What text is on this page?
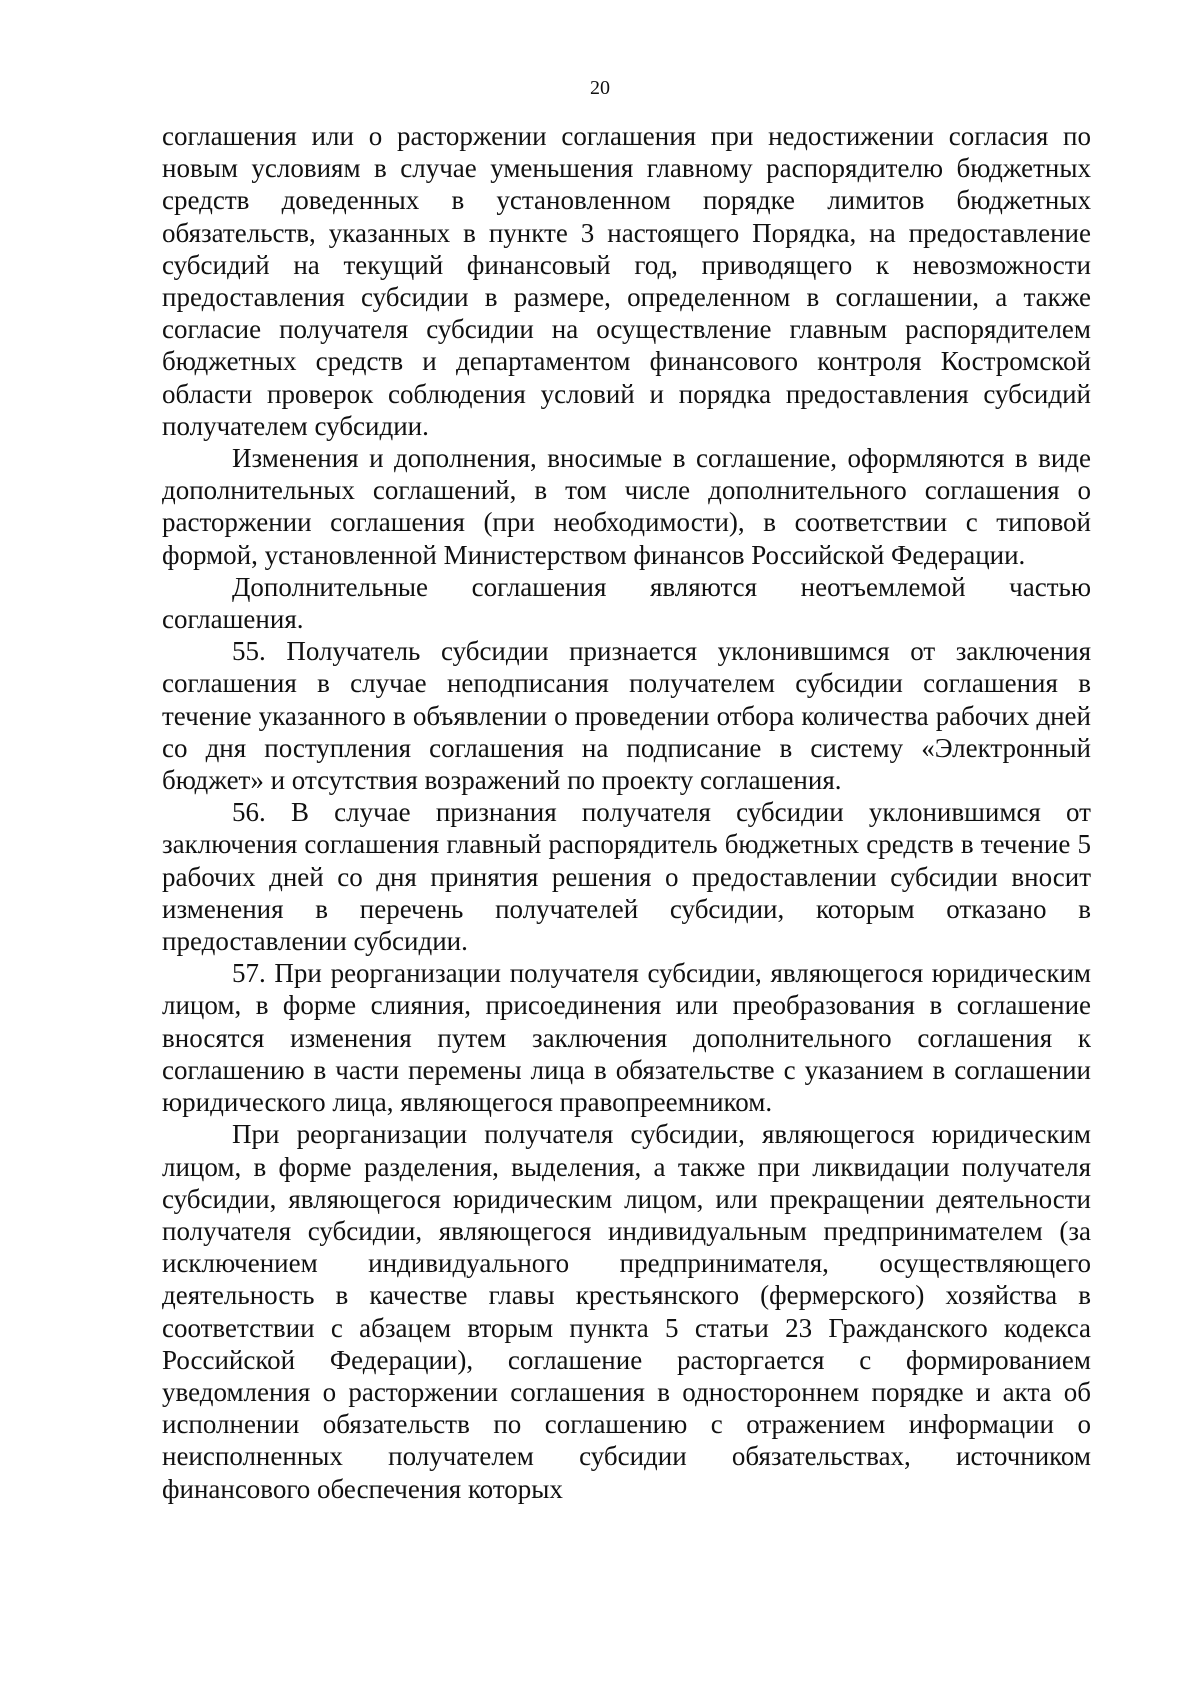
20

соглашения или о расторжении соглашения при недостижении согласия по новым условиям в случае уменьшения главному распорядителю бюджетных средств доведенных в установленном порядке лимитов бюджетных обязательств, указанных в пункте 3 настоящего Порядка, на предоставление субсидий на текущий финансовый год, приводящего к невозможности предоставления субсидии в размере, определенном в соглашении, а также согласие получателя субсидии на осуществление главным распорядителем бюджетных средств и департаментом финансового контроля Костромской области проверок соблюдения условий и порядка предоставления субсидий получателем субсидии.

Изменения и дополнения, вносимые в соглашение, оформляются в виде дополнительных соглашений, в том числе дополнительного соглашения о расторжении соглашения (при необходимости), в соответствии с типовой формой, установленной Министерством финансов Российской Федерации.

Дополнительные соглашения являются неотъемлемой частью соглашения.

55. Получатель субсидии признается уклонившимся от заключения соглашения в случае неподписания получателем субсидии соглашения в течение указанного в объявлении о проведении отбора количества рабочих дней со дня поступления соглашения на подписание в систему «Электронный бюджет» и отсутствия возражений по проекту соглашения.

56. В случае признания получателя субсидии уклонившимся от заключения соглашения главный распорядитель бюджетных средств в течение 5 рабочих дней со дня принятия решения о предоставлении субсидии вносит изменения в перечень получателей субсидии, которым отказано в предоставлении субсидии.

57. При реорганизации получателя субсидии, являющегося юридическим лицом, в форме слияния, присоединения или преобразования в соглашение вносятся изменения путем заключения дополнительного соглашения к соглашению в части перемены лица в обязательстве с указанием в соглашении юридического лица, являющегося правопреемником.

При реорганизации получателя субсидии, являющегося юридическим лицом, в форме разделения, выделения, а также при ликвидации получателя субсидии, являющегося юридическим лицом, или прекращении деятельности получателя субсидии, являющегося индивидуальным предпринимателем (за исключением индивидуального предпринимателя, осуществляющего деятельность в качестве главы крестьянского (фермерского) хозяйства в соответствии с абзацем вторым пункта 5 статьи 23 Гражданского кодекса Российской Федерации), соглашение расторгается с формированием уведомления о расторжении соглашения в одностороннем порядке и акта об исполнении обязательств по соглашению с отражением информации о неисполненных получателем субсидии обязательствах, источником финансового обеспечения которых
